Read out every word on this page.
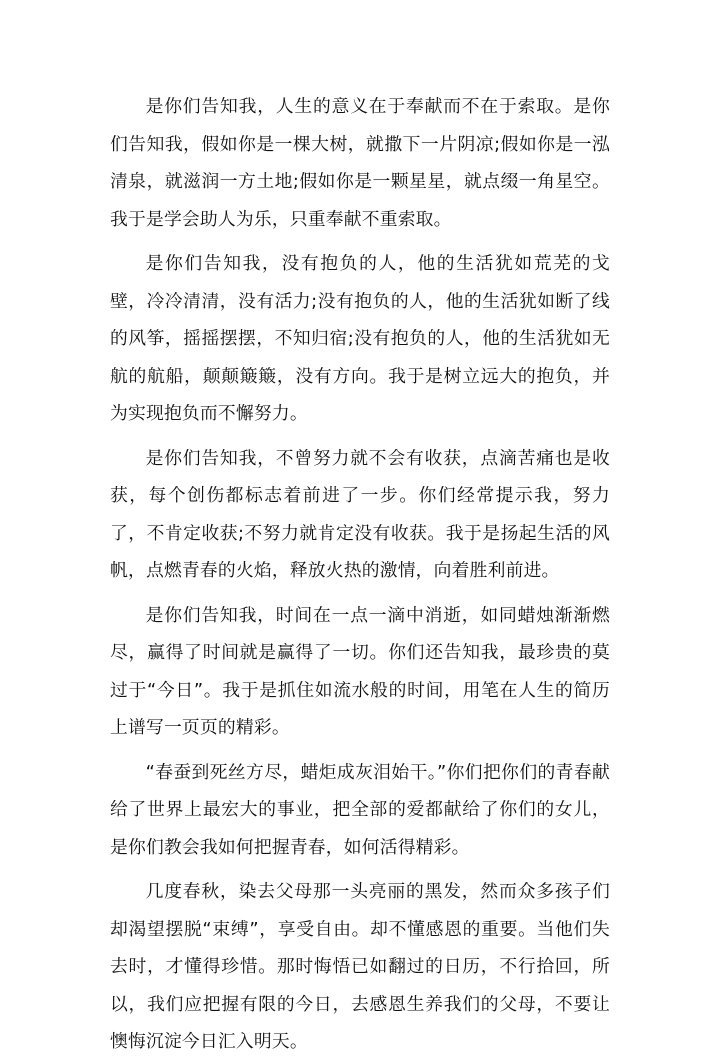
是你们告知我，人生的意义在于奉献而不在于索取。是你们告知我，假如你是一棵大树，就撒下一片阴凉;假如你是一泓清泉，就滋润一方土地;假如你是一颗星星，就点缀一角星空。我于是学会助人为乐，只重奉献不重索取。

是你们告知我，没有抱负的人，他的生活犹如荒芜的戈壁，冷冷清清，没有活力;没有抱负的人，他的生活犹如断了线的风筝，摇摇摆摆，不知归宿;没有抱负的人，他的生活犹如无航的航船，颠颠簸簸，没有方向。我于是树立远大的抱负，并为实现抱负而不懈努力。

是你们告知我，不曾努力就不会有收获，点滴苦痛也是收获，每个创伤都标志着前进了一步。你们经常提示我，努力了，不肯定收获;不努力就肯定没有收获。我于是扬起生活的风帆，点燃青春的火焰，释放火热的激情，向着胜利前进。

是你们告知我，时间在一点一滴中消逝，如同蜡烛渐渐燃尽，赢得了时间就是赢得了一切。你们还告知我，最珍贵的莫过于“今日”。我于是抓住如流水般的时间，用笔在人生的简历上谱写一页页的精彩。

“春蚕到死丝方尽，蜡炬成灰泪始干。”你们把你们的青春献给了世界上最宏大的事业，把全部的爱都献给了你们的女儿，是你们教会我如何把握青春，如何活得精彩。

几度春秋，染去父母那一头亮丽的黑发，然而众多孩子们却渴望摆脱“束缚”，享受自由。却不懂感恩的重要。当他们失去时，才懂得珍惜。那时悔悟已如翻过的日历，不行拾回，所以，我们应把握有限的今日，去感恩生养我们的父母，不要让懊悔沉淀今日汇入明天。
